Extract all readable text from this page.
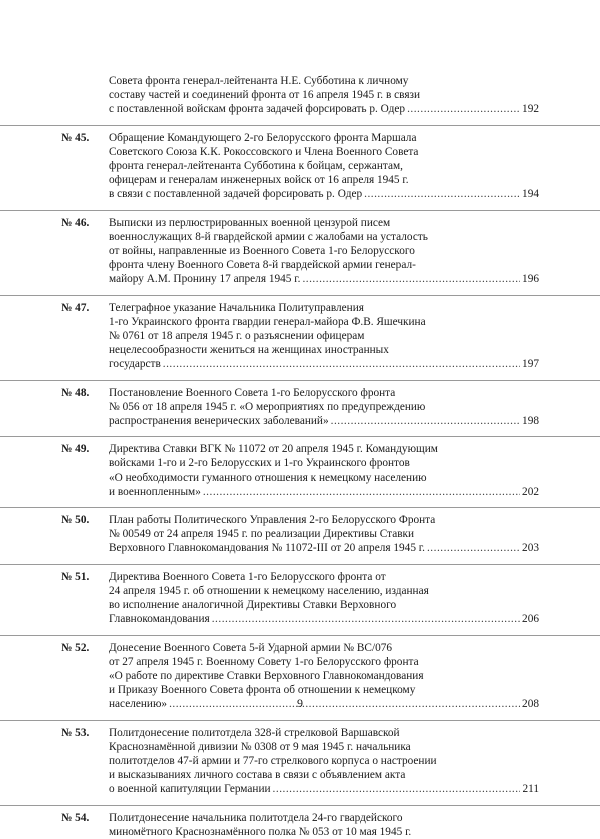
Совета фронта генерал-лейтенанта Н.Е. Субботина к личному
составу частей и соединений фронта от 16 апреля 1945 г. в связи
с поставленной войскам фронта задачей форсировать р. Одер .....	192
№ 45. Обращение Командующего 2-го Белорусского фронта Маршала
Советского Союза К.К. Рокоссовского и Члена Военного Совета
фронта генерал-лейтенанта Субботина к бойцам, сержантам,
офицерам и генералам инженерных войск от 16 апреля 1945 г.
в связи с поставленной задачей форсировать р. Одер .....	194
№ 46. Выписки из перлюстрированных военной цензурой писем
военнослужащих 8-й гвардейской армии с жалобами на усталость
от войны, направленные из Военного Совета 1-го Белорусского
фронта члену Военного Совета 8-й гвардейской армии генерал-
майору А.М. Пронину 17 апреля 1945 г. .....	196
№ 47. Телеграфное указание Начальника Политуправления
1-го Украинского фронта гвардии генерал-майора Ф.В. Яшечкина
№ 0761 от 18 апреля 1945 г. о разъяснении офицерам
нецелесообразности жениться на женщинах иностранных
государств .....	197
№ 48. Постановление Военного Совета 1-го Белорусского фронта
№ 056 от 18 апреля 1945 г. «О мероприятиях по предупреждению
распространения венерических заболеваний» .....	198
№ 49. Директива Ставки ВГК № 11072 от 20 апреля 1945 г. Командующим
войсками 1-го и 2-го Белорусских и 1-го Украинского фронтов
«О необходимости гуманного отношения к немецкому населению
и военнопленным» .....	202
№ 50. План работы Политического Управления 2-го Белорусского Фронта
№ 00549 от 24 апреля 1945 г. по реализации Директивы Ставки
Верховного Главнокомандования № 11072-III от 20 апреля 1945 г. .....	203
№ 51. Директива Военного Совета 1-го Белорусского фронта от
24 апреля 1945 г. об отношении к немецкому населению, изданная
во исполнение аналогичной Директивы Ставки Верховного
Главнокомандования .....	206
№ 52. Донесение Военного Совета 5-й Ударной армии № ВС/076
от 27 апреля 1945 г. Военному Совету 1-го Белорусского фронта
«О работе по директиве Ставки Верховного Главнокомандования
и Приказу Военного Совета фронта об отношении к немецкому
населению» .....	208
№ 53. Политдонесение политотдела 328-й стрелковой Варшавской
Краснознамённой дивизии № 0308 от 9 мая 1945 г. начальника
политотделов 47-й армии и 77-го стрелкового корпуса о настроении
и высказываниях личного состава в связи с объявлением акта
о военной капитуляции Германии .....	211
№ 54. Политдонесение начальника политотдела 24-го гвардейского
миномётного Краснознамённого полка № 053 от 10 мая 1945 г.
9
